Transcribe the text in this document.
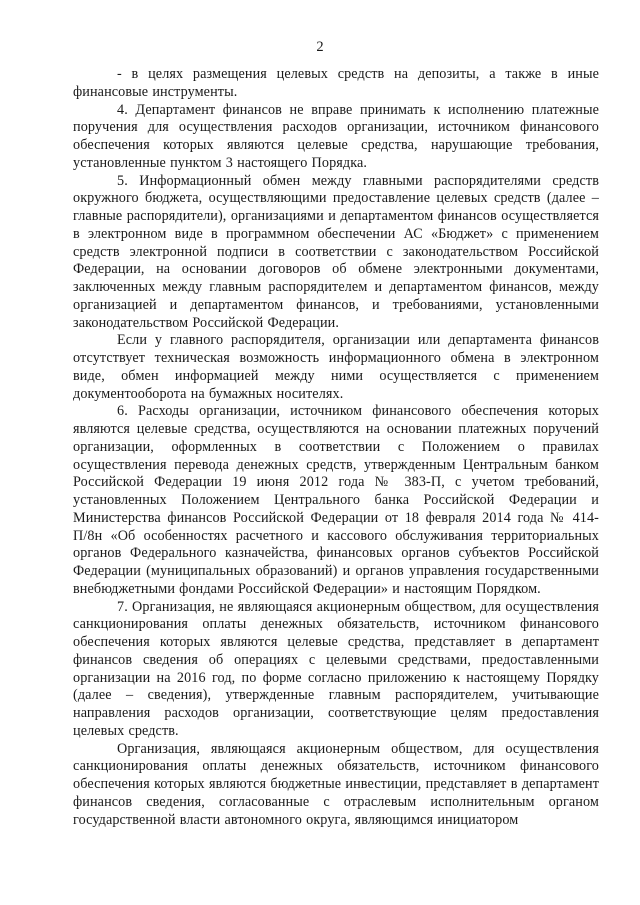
2

- в целях размещения целевых средств на депозиты, а также в иные финансовые инструменты.

4. Департамент финансов не вправе принимать к исполнению платежные поручения для осуществления расходов организации, источником финансового обеспечения которых являются целевые средства, нарушающие требования, установленные пунктом 3 настоящего Порядка.

5. Информационный обмен между главными распорядителями средств окружного бюджета, осуществляющими предоставление целевых средств (далее – главные распорядители), организациями и департаментом финансов осуществляется в электронном виде в программном обеспечении АС «Бюджет» с применением средств электронной подписи в соответствии с законодательством Российской Федерации, на основании договоров об обмене электронными документами, заключенных между главным распорядителем и департаментом финансов, между организацией и департаментом финансов, и требованиями, установленными законодательством Российской Федерации.

Если у главного распорядителя, организации или департамента финансов отсутствует техническая возможность информационного обмена в электронном виде, обмен информацией между ними осуществляется с применением документооборота на бумажных носителях.

6. Расходы организации, источником финансового обеспечения которых являются целевые средства, осуществляются на основании платежных поручений организации, оформленных в соответствии с Положением о правилах осуществления перевода денежных средств, утвержденным Центральным банком Российской Федерации 19 июня 2012 года № 383-П, с учетом требований, установленных Положением Центрального банка Российской Федерации и Министерства финансов Российской Федерации от 18 февраля 2014 года № 414-П/8н «Об особенностях расчетного и кассового обслуживания территориальных органов Федерального казначейства, финансовых органов субъектов Российской Федерации (муниципальных образований) и органов управления государственными внебюджетными фондами Российской Федерации» и настоящим Порядком.

7. Организация, не являющаяся акционерным обществом, для осуществления санкционирования оплаты денежных обязательств, источником финансового обеспечения которых являются целевые средства, представляет в департамент финансов сведения об операциях с целевыми средствами, предоставленными организации на 2016 год, по форме согласно приложению к настоящему Порядку (далее – сведения), утвержденные главным распорядителем, учитывающие направления расходов организации, соответствующие целям предоставления целевых средств.

Организация, являющаяся акционерным обществом, для осуществления санкционирования оплаты денежных обязательств, источником финансового обеспечения которых являются бюджетные инвестиции, представляет в департамент финансов сведения, согласованные с отраслевым исполнительным органом государственной власти автономного округа, являющимся инициатором
